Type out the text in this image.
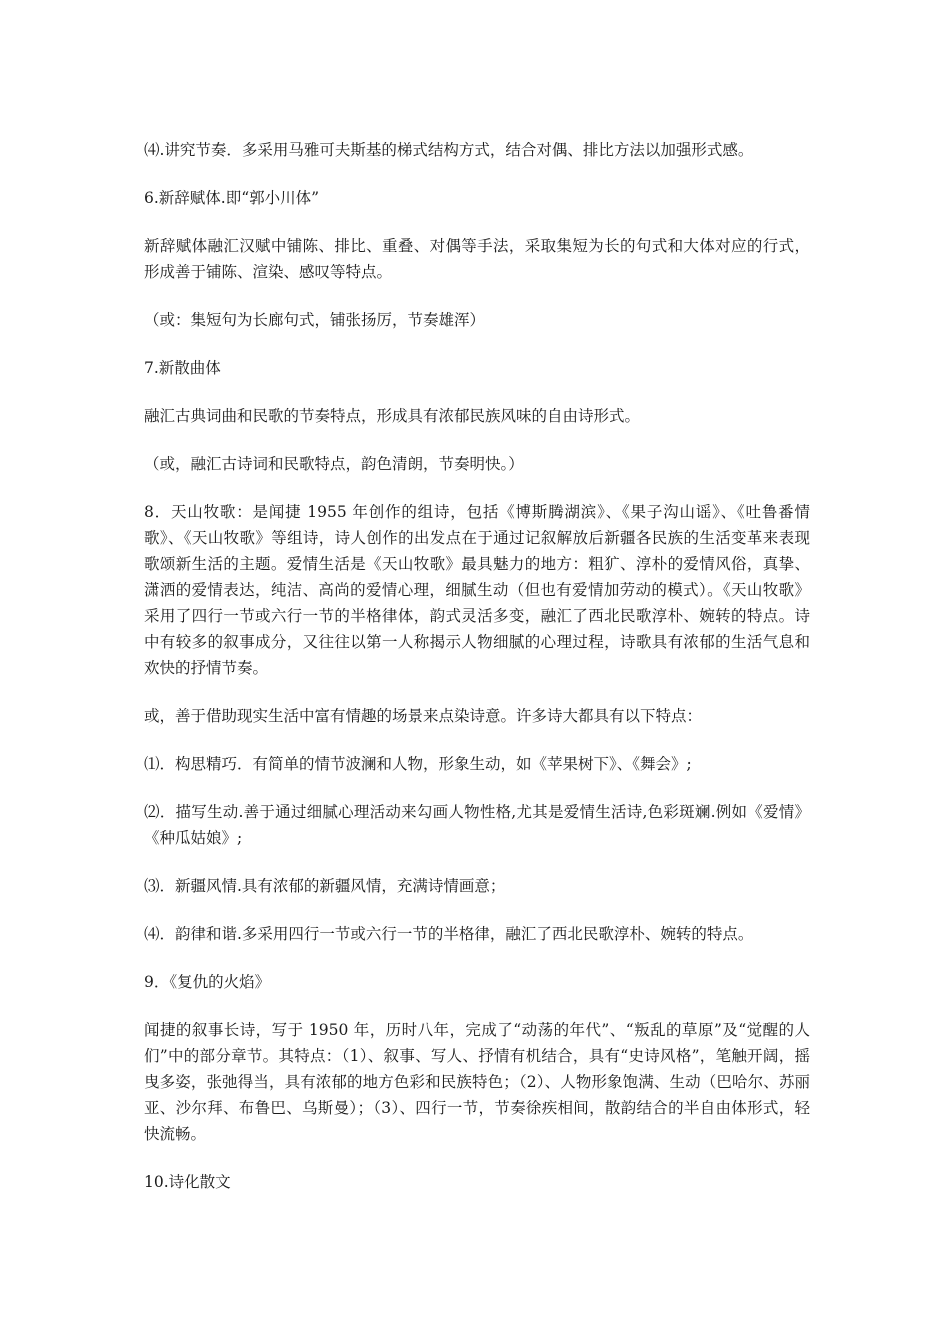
⑷.讲究节奏．多采用马雅可夫斯基的梯式结构方式，结合对偶、排比方法以加强形式感。

6.新辞赋体.即“郭小川体”

新辞赋体融汇汉赋中铺陈、排比、重叠、对偶等手法，采取集短为长的句式和大体对应的行式，形成善于铺陈、渲染、感叹等特点。

（或：集短句为长廊句式，铺张扬厉，节奏雄浑）

7.新散曲体

融汇古典词曲和民歌的节奏特点，形成具有浓郁民族风味的自由诗形式。

（或，融汇古诗词和民歌特点，韵色清朗，节奏明快。）

8．天山牧歌：是闻捷 1955 年创作的组诗，包括《博斯腾湖滨》、《果子沟山谣》、《吐鲁番情歌》、《天山牧歌》等组诗，诗人创作的出发点在于通过记叙解放后新疆各民族的生活变革来表现歌颂新生活的主题。爱情生活是《天山牧歌》最具魅力的地方：粗犷、淳朴的爱情风俗，真挚、潇洒的爱情表达，纯洁、高尚的爱情心理，细腻生动（但也有爱情加劳动的模式）。《天山牧歌》采用了四行一节或六行一节的半格律体，韵式灵活多变，融汇了西北民歌淳朴、婉转的特点。诗中有较多的叙事成分，又往往以第一人称揭示人物细腻的心理过程，诗歌具有浓郁的生活气息和欢快的抒情节奏。

或，善于借助现实生活中富有情趣的场景来点染诗意。许多诗大都具有以下特点：

⑴．构思精巧．有简单的情节波澜和人物，形象生动，如《苹果树下》、《舞会》;

⑵．描写生动.善于通过细腻心理活动来勾画人物性格,尤其是爱情生活诗,色彩斑斓.例如《爱情》《种瓜姑娘》;

⑶．新疆风情.具有浓郁的新疆风情，充满诗情画意；

⑷．韵律和谐.多采用四行一节或六行一节的半格律，融汇了西北民歌淳朴、婉转的特点。

9．《复仇的火焰》

闻捷的叙事长诗，写于 1950 年，历时八年，完成了“动荡的年代”、“叛乱的草原”及“觉醒的人们”中的部分章节。其特点：（1）、叙事、写人、抒情有机结合，具有“史诗风格”，笔触开阔，摇曳多姿，张弛得当，具有浓郁的地方色彩和民族特色；（2）、人物形象饱满、生动（巴哈尔、苏丽亚、沙尔拜、布鲁巴、乌斯曼）；（3）、四行一节，节奏徐疾相间，散韵结合的半自由体形式，轻快流畅。

10.诗化散文
